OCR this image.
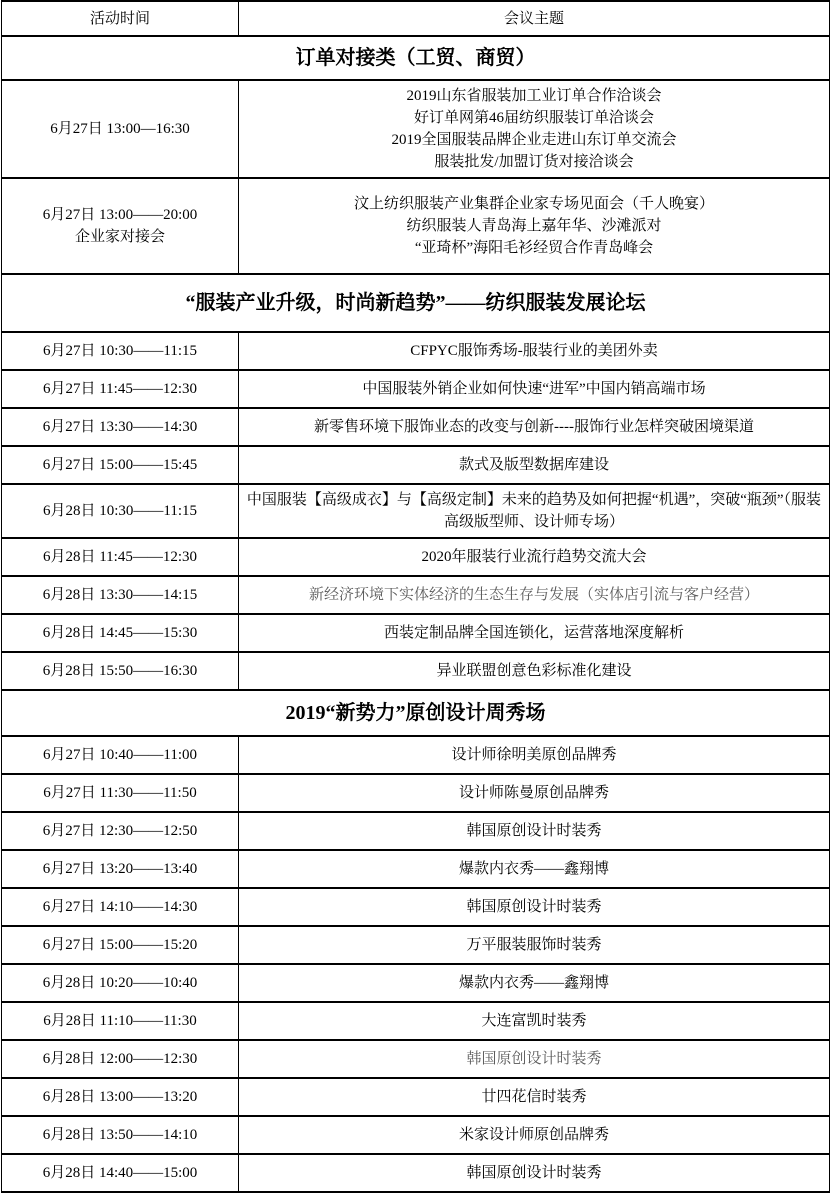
活动时间	会议主题
订单对接类（工贸、商贸）	

6月27日 13:00—16:30	2019山东省服装加工业订单合作洽谈会
好订单网第46届纺织服装订单洽谈会
2019全国服装品牌企业走进山东订单交流会
服装批发/加盟订货对接洽谈会

6月27日 13:00——20:00
企业家对接会	汶上纺织服装产业集群企业家专场见面会（千人晚宴）
纺织服装人青岛海上嘉年华、沙滩派对
“亚琦杯”海阳毛衫经贸合作青岛峰会

“服装产业升级，时尚新趋势”——纺织服装发展论坛	

6月27日 10:30——11:15	CFPYC服饰秀场-服装行业的美团外卖

6月27日 11:45——12:30	中国服装外销企业如何快速“进军”中国内销高端市场

6月27日 13:30——14:30	新零售环境下服饰业态的改变与创新----服饰行业怎样突破困境渠道

6月27日 15:00——15:45	款式及版型数据库建设

6月28日 10:30——11:15	中国服装【高级成衣】与【高级定制】未来的趋势及如何把握“机遇”，突破“瓶颈”（服装高级版型师、设计师专场）

6月28日 11:45——12:30	2020年服装行业流行趋势交流大会

6月28日 13:30——14:15	新经济环境下实体经济的生态生存与发展（实体店引流与客户经营）

6月28日 14:45——15:30	西装定制品牌全国连锁化，运营落地深度解析

6月28日 15:50——16:30	异业联盟创意色彩标准化建设

2019“新势力”原创设计周秀场	

6月27日 10:40——11:00	设计师徐明美原创品牌秀

6月27日 11:30——11:50	设计师陈曼原创品牌秀

6月27日 12:30——12:50	韩国原创设计时装秀

6月27日 13:20——13:40	爆款内衣秀——鑫翔博

6月27日 14:10——14:30	韩国原创设计时装秀

6月27日 15:00——15:20	万平服装服饰时装秀

6月28日 10:20——10:40	爆款内衣秀——鑫翔博

6月28日 11:10——11:30	大连富凯时装秀

6月28日 12:00——12:30	韩国原创设计时装秀

6月28日 13:00——13:20	廿四花信时装秀

6月28日 13:50——14:10	米家设计师原创品牌秀

6月28日 14:40——15:00	韩国原创设计时装秀
